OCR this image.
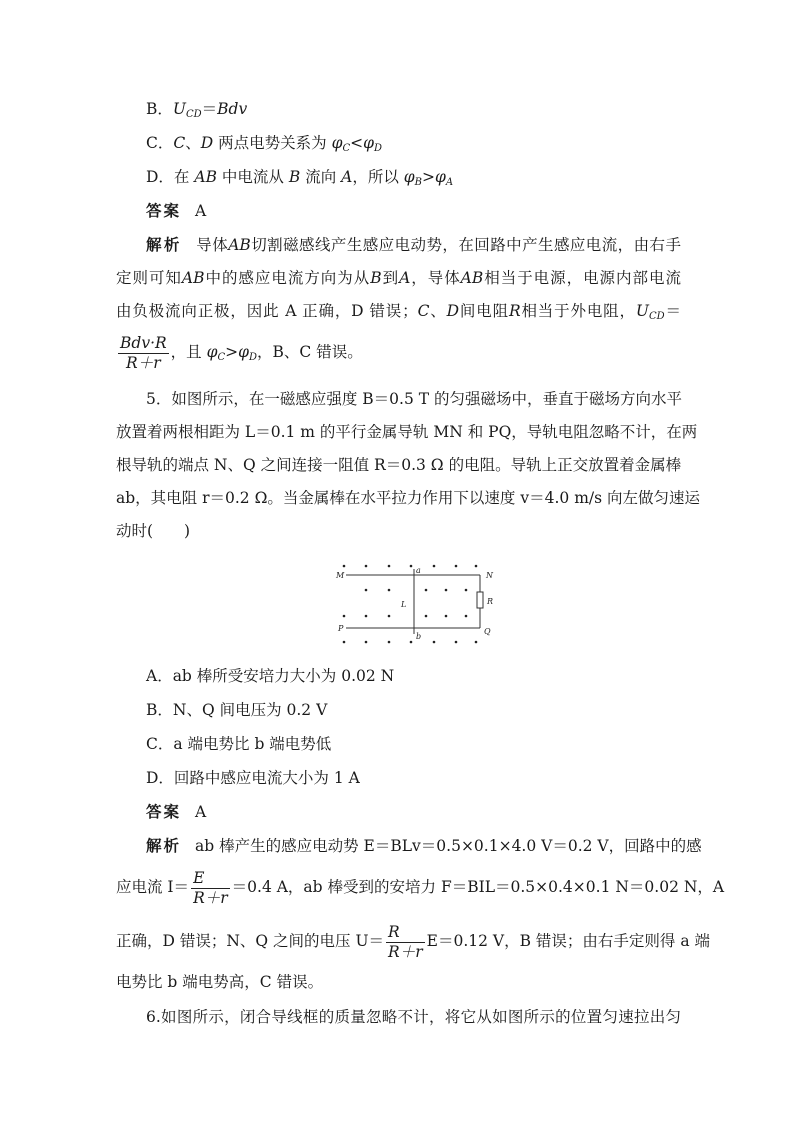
B．$U_{CD}=Bdv$
C．C、D 两点电势关系为 $\varphi_C<\varphi_D$
D．在 AB 中电流从 B 流向 A，所以 $\varphi_B>\varphi_A$
答案 A
解析 导体AB切割磁感线产生感应电动势，在回路中产生感应电流，由右手
定则可知AB中的感应电流方向为从B到A，导体AB相当于电源，电源内部电流
由负极流向正极，因此 A 正确，D 错误；C、D间电阻R相当于外电阻，$U_{CD}=$
$\frac{\text{Bdv·R}}{R+r}$ ，且 $\varphi_C>\varphi_D$，B、C 错误。
5．如图所示，在一磁感应强度 B＝0.5 T 的匀强磁场中，垂直于磁场方向水平
放置着两根相距为 L＝0.1 m 的平行金属导轨 MN 和 PQ，导轨电阻忽略不计，在两
根导轨的端点 N、Q 之间连接一阻值 R＝0.3 Ω 的电阻。导轨上正交放置着金属棒
ab，其电阻 r＝0.2 Ω。当金属棒在水平拉力作用下以速度 v＝4.0 m/s 向左做匀速运
动时(　　)
M	N
P	Q
a
b
L	R
A．ab 棒所受安培力大小为 0.02 N
B．N、Q 间电压为 0.2 V
C．a 端电势比 b 端电势低
D．回路中感应电流大小为 1 A
答案 A
解析 ab 棒产生的感应电动势 E＝BLv＝0.5×0.1×4.0 V＝0.2 V，回路中的感
应电流 $I= \frac{E}{R+r} =0.4$ A，ab 棒受到的安培力 F＝BIL＝0.5×0.4×0.1 N＝0.02 N，A
正确，D 错误；N、Q 之间的电压 $U= \frac{R}{R+r} E=0.12$ V，B 错误；由右手定则得 a 端
电势比 b 端电势高，C 错误。
6.如图所示，闭合导线框的质量忽略不计，将它从如图所示的位置匀速拉出匀
